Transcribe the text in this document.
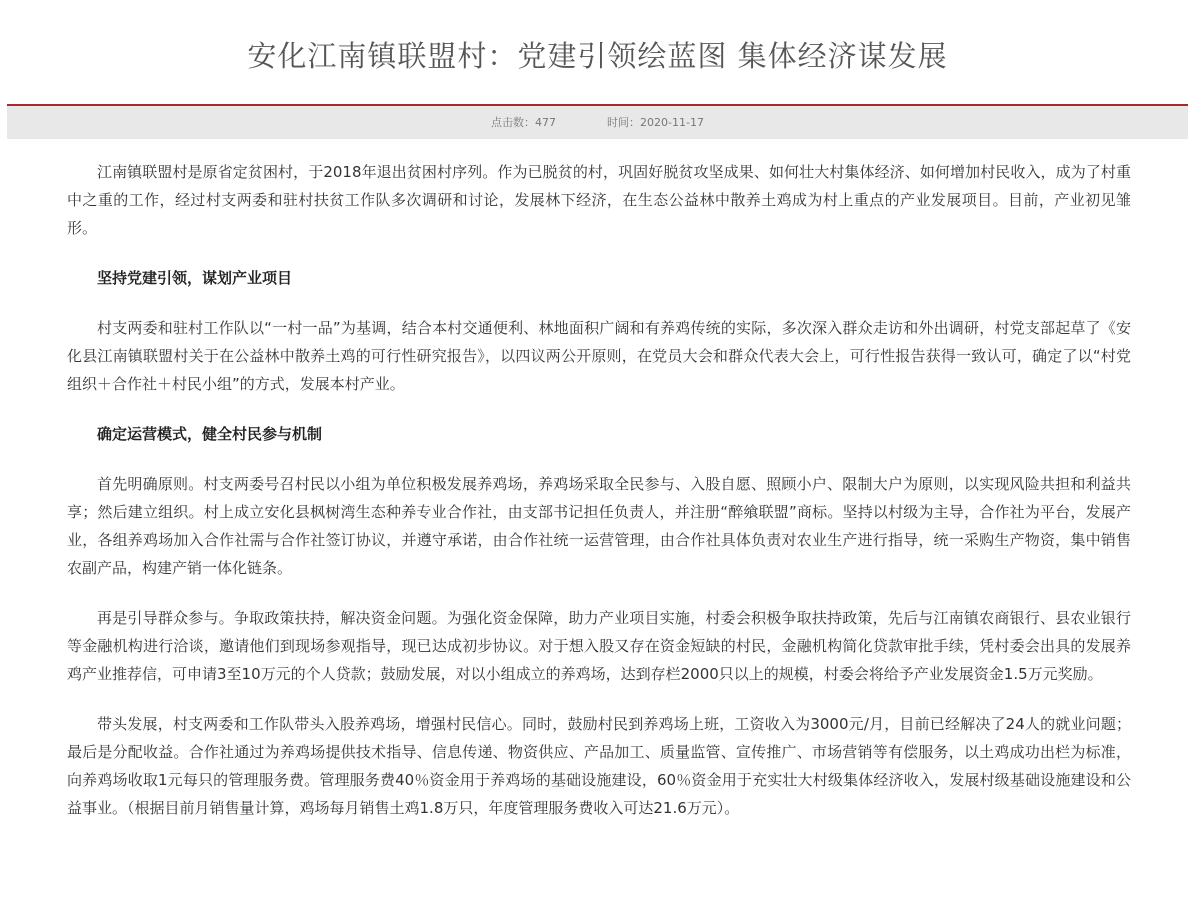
安化江南镇联盟村：党建引领绘蓝图 集体经济谋发展
点击数：477	时间：2020-11-17

江南镇联盟村是原省定贫困村，于2018年退出贫困村序列。作为已脱贫的村，巩固好脱贫攻坚成果、如何壮大村集体经济、如何增加村民收入，成为了村重中之重的工作，经过村支两委和驻村扶贫工作队多次调研和讨论，发展林下经济，在生态公益林中散养土鸡成为村上重点的产业发展项目。目前，产业初见雏形。

坚持党建引领，谋划产业项目

村支两委和驻村工作队以“一村一品”为基调，结合本村交通便利、林地面积广阔和有养鸡传统的实际，多次深入群众走访和外出调研，村党支部起草了《安化县江南镇联盟村关于在公益林中散养土鸡的可行性研究报告》，以四议两公开原则，在党员大会和群众代表大会上，可行性报告获得一致认可，确定了以“村党组织＋合作社＋村民小组”的方式，发展本村产业。

确定运营模式，健全村民参与机制

首先明确原则。村支两委号召村民以小组为单位积极发展养鸡场，养鸡场采取全民参与、入股自愿、照顾小户、限制大户为原则，以实现风险共担和利益共享；然后建立组织。村上成立安化县枫树湾生态种养专业合作社，由支部书记担任负责人，并注册“醉飨联盟”商标。坚持以村级为主导，合作社为平台，发展产业，各组养鸡场加入合作社需与合作社签订协议，并遵守承诺，由合作社统一运营管理，由合作社具体负责对农业生产进行指导，统一采购生产物资，集中销售农副产品，构建产销一体化链条。

再是引导群众参与。争取政策扶持，解决资金问题。为强化资金保障，助力产业项目实施，村委会积极争取扶持政策，先后与江南镇农商银行、县农业银行等金融机构进行洽谈，邀请他们到现场参观指导，现已达成初步协议。对于想入股又存在资金短缺的村民，金融机构简化贷款审批手续，凭村委会出具的发展养鸡产业推荐信，可申请3至10万元的个人贷款；鼓励发展，对以小组成立的养鸡场，达到存栏2000只以上的规模，村委会将给予产业发展资金1.5万元奖励。

带头发展，村支两委和工作队带头入股养鸡场，增强村民信心。同时，鼓励村民到养鸡场上班，工资收入为3000元/月，目前已经解决了24人的就业问题；最后是分配收益。合作社通过为养鸡场提供技术指导、信息传递、物资供应、产品加工、质量监管、宣传推广、市场营销等有偿服务，以土鸡成功出栏为标准，向养鸡场收取1元每只的管理服务费。管理服务费40％资金用于养鸡场的基础设施建设，60％资金用于充实壮大村级集体经济收入，发展村级基础设施建设和公益事业。（根据目前月销售量计算，鸡场每月销售土鸡1.8万只，年度管理服务费收入可达21.6万元）。
